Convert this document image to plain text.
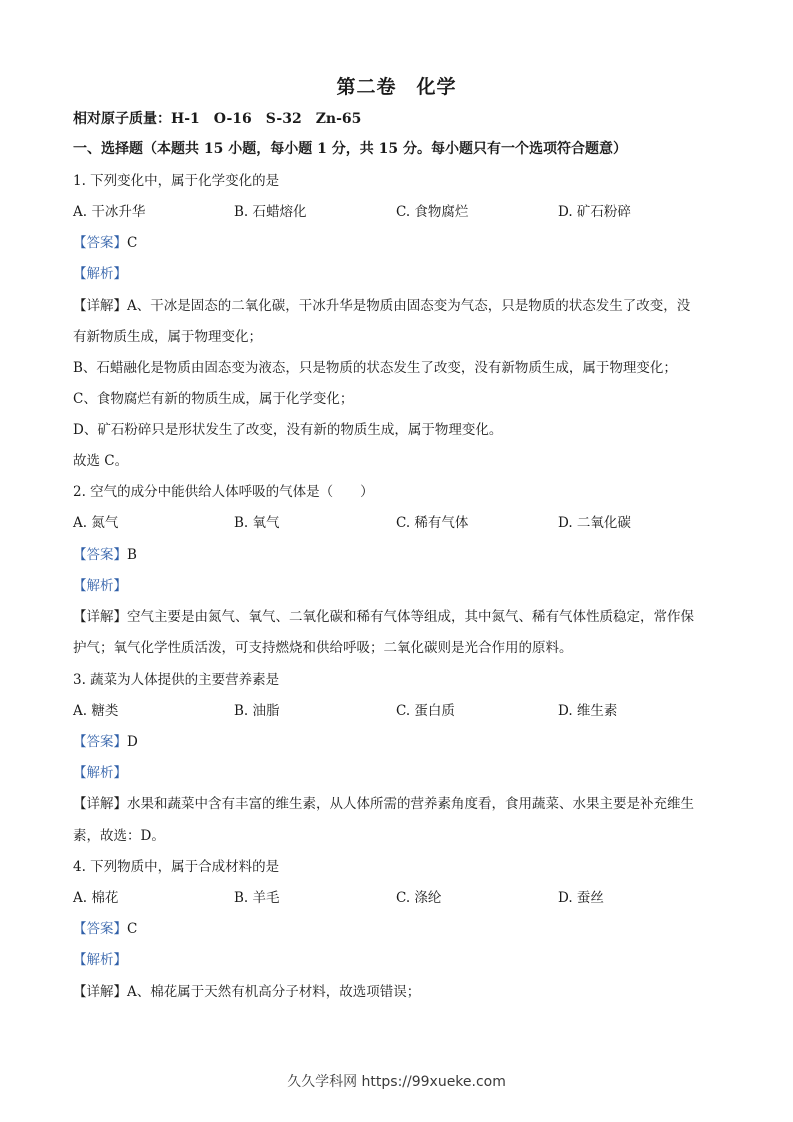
第二卷　化学
相对原子质量：H-1　O-16　S-32　Zn-65
一、选择题（本题共 15 小题，每小题 1 分，共 15 分。每小题只有一个选项符合题意）
1. 下列变化中，属于化学变化的是
A. 干冰升华	B. 石蜡熔化	C. 食物腐烂	D. 矿石粉碎
【答案】C
【解析】
【详解】A、干冰是固态的二氧化碳，干冰升华是物质由固态变为气态，只是物质的状态发生了改变，没
有新物质生成，属于物理变化；
B、石蜡融化是物质由固态变为液态，只是物质的状态发生了改变，没有新物质生成，属于物理变化；
C、食物腐烂有新的物质生成，属于化学变化；
D、矿石粉碎只是形状发生了改变，没有新的物质生成，属于物理变化。
故选 C。
2. 空气的成分中能供给人体呼吸的气体是（　　）
A. 氮气	B. 氧气	C. 稀有气体	D. 二氧化碳
【答案】B
【解析】
【详解】空气主要是由氮气、氧气、二氧化碳和稀有气体等组成，其中氮气、稀有气体性质稳定，常作保
护气；氧气化学性质活泼，可支持燃烧和供给呼吸；二氧化碳则是光合作用的原料。
3. 蔬菜为人体提供的主要营养素是
A. 糖类	B. 油脂	C. 蛋白质	D. 维生素
【答案】D
【解析】
【详解】水果和蔬菜中含有丰富的维生素，从人体所需的营养素角度看，食用蔬菜、水果主要是补充维生
素，故选：D。
4. 下列物质中，属于合成材料的是
A. 棉花	B. 羊毛	C. 涤纶	D. 蚕丝
【答案】C
【解析】
【详解】A、棉花属于天然有机高分子材料，故选项错误；
久久学科网 https://99xueke.com
